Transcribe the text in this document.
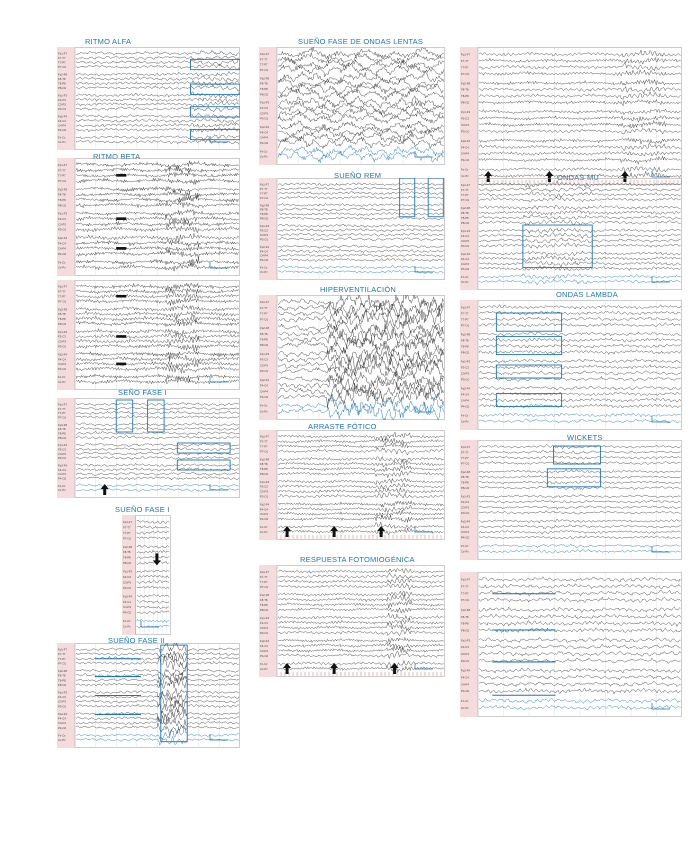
RITMO ALFA
RITMO BETA
SEÑO FASE I
SUEÑO FASE I
SUEÑO FASE II
SUEÑO FASE DE ONDAS LENTAS
SUEÑO REM
HIPERVENTILACIÓN
ARRASTE FÓTICO
RESPUESTA FOTOMIOGÉNICA
ONDAS MU
ONDAS LAMBDA
WICKETS
Fp1-F7
F7-T7
T7-P7
P7-O1
Fp2-F8
F8-T8
T8-P8
P8-O2
Fp1-F3
F3-C3
C3-P3
P3-O1
Fp2-F4
F4-C4
C4-P4
P4-O2
Fz-Cz
Cz-Pz
Fp1-F7
F7-T7
T7-P7
P7-O1
Fp2-F8
F8-T8
T8-P8
P8-O2
Fp1-F3
F3-C3
C3-P3
P3-O1
Fp2-F4
F4-C4
C4-P4
P4-O2
Fz-Cz
Cz-Pz
Fp1-F7
F7-T7
T7-P7
P7-O1
Fp2-F8
F8-T8
T8-P8
P8-O2
Fp1-F3
F3-C3
C3-P3
P3-O1
Fp2-F4
F4-C4
C4-P4
P4-O2
Fz-Cz
Cz-Pz
Fp1-F7
F7-T7
T7-P7
P7-O1
Fp2-F8
F8-T8
T8-P8
P8-O2
Fp1-F3
F3-C3
C3-P3
P3-O1
Fp2-F4
F4-C4
C4-P4
P4-O2
Fz-Cz
Cz-Pz
Fp1-F7
F7-T7
T7-P7
P7-O1
Fp2-F8
F8-T8
T8-P8
P8-O2
Fp1-F3
F3-C3
C3-P3
P3-O1
Fp2-F4
F4-C4
C4-P4
P4-O2
Fz-Cz
Cz-Pz
Fp1-F7
F7-T7
T7-P7
P7-O1
Fp2-F8
F8-T8
T8-P8
P8-O2
Fp1-F3
F3-C3
C3-P3
P3-O1
Fp2-F4
F4-C4
C4-P4
P4-O2
Fz-Cz
Cz-Pz
Fp1-F7
F7-T7
T7-P7
P7-O1
Fp2-F8
F8-T8
T8-P8
P8-O2
Fp1-F3
F3-C3
C3-P3
P3-O1
Fp2-F4
F4-C4
C4-P4
P4-O2
Fz-Cz
Cz-Pz
Fp1-F7
F7-T7
T7-P7
P7-O1
Fp2-F8
F8-T8
T8-P8
P8-O2
Fp1-F3
F3-C3
C3-P3
P3-O1
Fp2-F4
F4-C4
C4-P4
P4-O2
Fz-Cz
Cz-Pz
Fp1-F7
F7-T7
T7-P7
P7-O1
Fp2-F8
F8-T8
T8-P8
P8-O2
Fp1-F3
F3-C3
C3-P3
P3-O1
Fp2-F4
F4-C4
C4-P4
P4-O2
Fz-Cz
Cz-Pz
Fp1-F7
F7-T7
T7-P7
P7-O1
Fp2-F8
F8-T8
T8-P8
P8-O2
Fp1-F3
F3-C3
C3-P3
P3-O1
Fp2-F4
F4-C4
C4-P4
P4-O2
Fz-Cz
Cz-Pz
Fp1-F7
F7-T7
T7-P7
P7-O1
Fp2-F8
F8-T8
T8-P8
P8-O2
Fp1-F3
F3-C3
C3-P3
P3-O1
Fp2-F4
F4-C4
C4-P4
P4-O2
Fz-Cz
Cz-Pz
Fp1-F7
F7-T7
T7-P7
P7-O1
Fp2-F8
F8-T8
T8-P8
P8-O2
Fp1-F3
F3-C3
C3-P3
P3-O1
Fp2-F4
F4-C4
C4-P4
P4-O2
Fz-Cz
Cz-Pz
Fp1-F7
F7-T7
T7-P7
P7-O1
Fp2-F8
F8-T8
T8-P8
P8-O2
Fp1-F3
F3-C3
C3-P3
P3-O1
Fp2-F4
F4-C4
C4-P4
P4-O2
Fz-Cz
Cz-Pz
Fp1-F7
F7-T7
T7-P7
P7-O1
Fp2-F8
F8-T8
T8-P8
P8-O2
Fp1-F3
F3-C3
C3-P3
P3-O1
Fp2-F4
F4-C4
C4-P4
P4-O2
Fz-Cz
Cz-Pz
Fp1-F7
F7-T7
T7-P7
P7-O1
Fp2-F8
F8-T8
T8-P8
P8-O2
Fp1-F3
F3-C3
C3-P3
P3-O1
Fp2-F4
F4-C4
C4-P4
P4-O2
Fz-Cz
Cz-Pz
Fp1-F7
F7-T7
T7-P7
P7-O1
Fp2-F8
F8-T8
T8-P8
P8-O2
Fp1-F3
F3-C3
C3-P3
P3-O1
Fp2-F4
F4-C4
C4-P4
P4-O2
Fz-Cz
Cz-Pz
